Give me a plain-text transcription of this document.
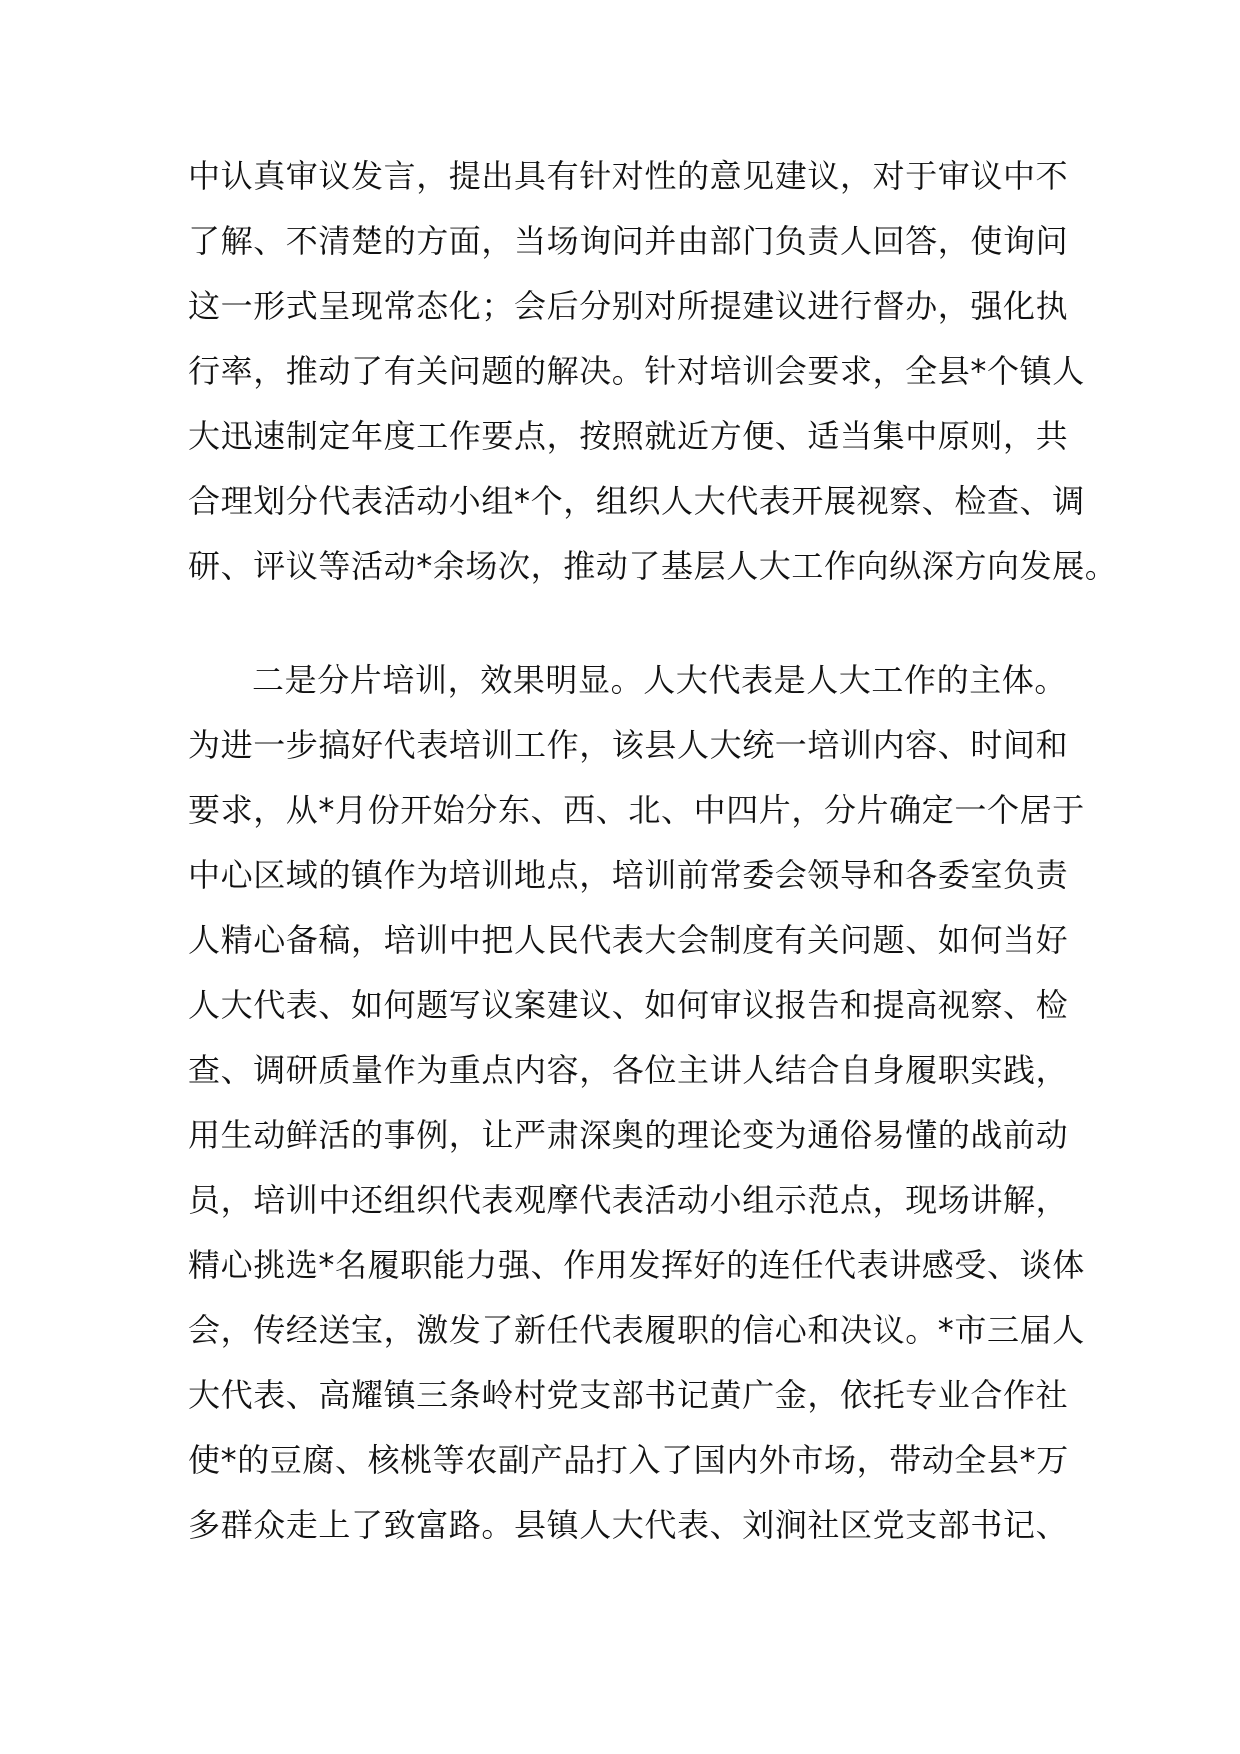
中认真审议发言，提出具有针对性的意见建议，对于审议中不
了解、不清楚的方面，当场询问并由部门负责人回答，使询问
这一形式呈现常态化；会后分别对所提建议进行督办，强化执
行率，推动了有关问题的解决。针对培训会要求，全县*个镇人
大迅速制定年度工作要点，按照就近方便、适当集中原则，共
合理划分代表活动小组*个，组织人大代表开展视察、检查、调
研、评议等活动*余场次，推动了基层人大工作向纵深方向发展。
二是分片培训，效果明显。人大代表是人大工作的主体。
为进一步搞好代表培训工作，该县人大统一培训内容、时间和
要求，从*月份开始分东、西、北、中四片，分片确定一个居于
中心区域的镇作为培训地点，培训前常委会领导和各委室负责
人精心备稿，培训中把人民代表大会制度有关问题、如何当好
人大代表、如何题写议案建议、如何审议报告和提高视察、检
查、调研质量作为重点内容，各位主讲人结合自身履职实践，
用生动鲜活的事例，让严肃深奥的理论变为通俗易懂的战前动
员，培训中还组织代表观摩代表活动小组示范点，现场讲解，
精心挑选*名履职能力强、作用发挥好的连任代表讲感受、谈体
会，传经送宝，激发了新任代表履职的信心和决议。*市三届人
大代表、高耀镇三条岭村党支部书记黄广金，依托专业合作社
使*的豆腐、核桃等农副产品打入了国内外市场，带动全县*万
多群众走上了致富路。县镇人大代表、刘涧社区党支部书记、
